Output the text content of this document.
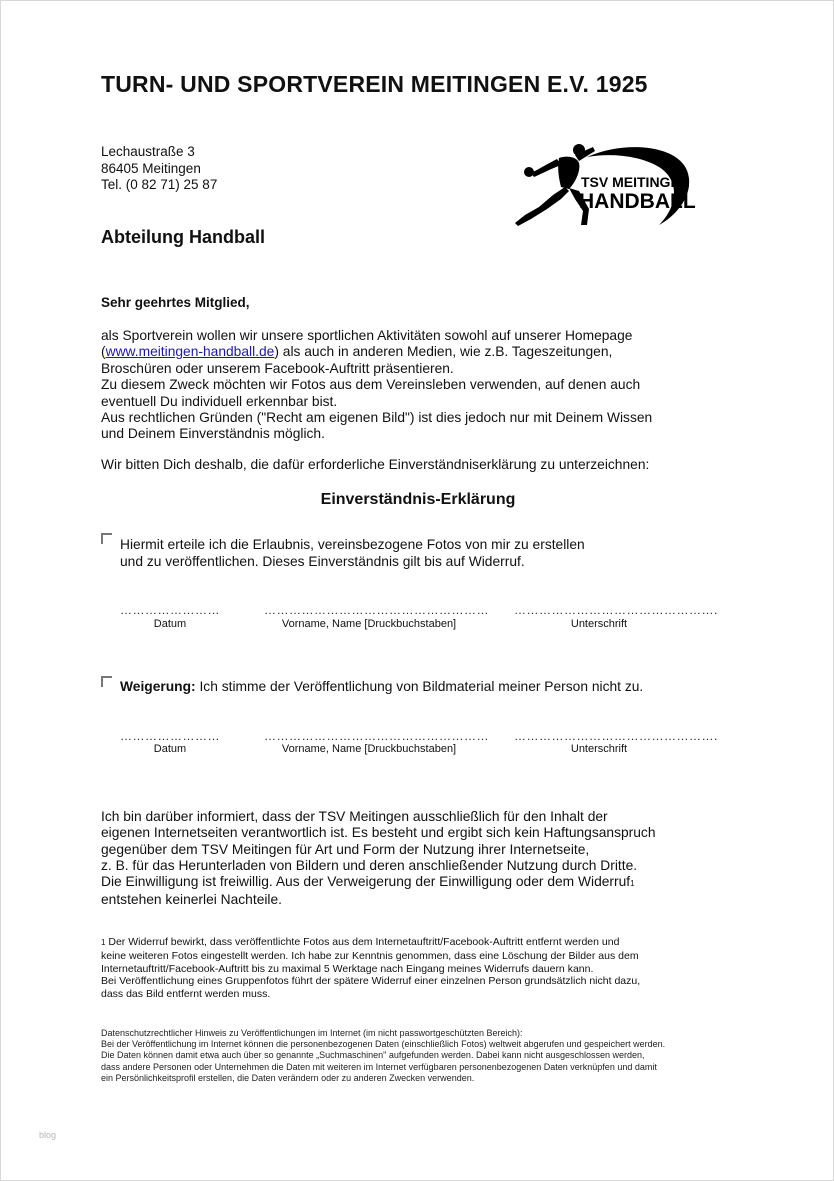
TURN- UND SPORTVEREIN MEITINGEN E.V. 1925
Lechaustraße 3
86405 Meitingen
Tel. (0 82 71) 25 87	TSV MEITINGEN
HANDBALL
Abteilung Handball
Sehr geehrtes Mitglied,
als Sportverein wollen wir unsere sportlichen Aktivitäten sowohl auf unserer Homepage
(www.meitingen-handball.de) als auch in anderen Medien, wie z.B. Tageszeitungen,
Broschüren oder unserem Facebook-Auftritt präsentieren.
Zu diesem Zweck möchten wir Fotos aus dem Vereinsleben verwenden, auf denen auch
eventuell Du individuell erkennbar bist.
Aus rechtlichen Gründen ("Recht am eigenen Bild") ist dies jedoch nur mit Deinem Wissen
und Deinem Einverständnis möglich.
Wir bitten Dich deshalb, die dafür erforderliche Einverständniserklärung zu unterzeichnen:
Einverständnis-Erklärung
Hiermit erteile ich die Erlaubnis, vereinsbezogene Fotos von mir zu erstellen
und zu veröffentlichen. Dieses Einverständnis gilt bis auf Widerruf.
……………………	……………………………………………… ………………………………………….
Datum	Vorname, Name [Druckbuchstaben]	Unterschrift
Weigerung: Ich stimme der Veröffentlichung von Bildmaterial meiner Person nicht zu.
……………………	……………………………………………… ………………………………………….
Datum	Vorname, Name [Druckbuchstaben]	Unterschrift
Ich bin darüber informiert, dass der TSV Meitingen ausschließlich für den Inhalt der
eigenen Internetseiten verantwortlich ist. Es besteht und ergibt sich kein Haftungsanspruch
gegenüber dem TSV Meitingen für Art und Form der Nutzung ihrer Internetseite,
z. B. für das Herunterladen von Bildern und deren anschließender Nutzung durch Dritte.
Die Einwilligung ist freiwillig. Aus der Verweigerung der Einwilligung oder dem Widerruf1
entstehen keinerlei Nachteile.
1 Der Widerruf bewirkt, dass veröffentlichte Fotos aus dem Internetauftritt/Facebook-Auftritt entfernt werden und
keine weiteren Fotos eingestellt werden. Ich habe zur Kenntnis genommen, dass eine Löschung der Bilder aus dem
Internetauftritt/Facebook-Auftritt bis zu maximal 5 Werktage nach Eingang meines Widerrufs dauern kann.
Bei Veröffentlichung eines Gruppenfotos führt der spätere Widerruf einer einzelnen Person grundsätzlich nicht dazu,
dass das Bild entfernt werden muss.
Datenschutzrechtlicher Hinweis zu Veröffentlichungen im Internet (im nicht passwortgeschützten Bereich):
Bei der Veröffentlichung im Internet können die personenbezogenen Daten (einschließlich Fotos) weltweit abgerufen und gespeichert werden.
Die Daten können damit etwa auch über so genannte „Suchmaschinen" aufgefunden werden. Dabei kann nicht ausgeschlossen werden,
dass andere Personen oder Unternehmen die Daten mit weiteren im Internet verfügbaren personenbezogenen Daten verknüpfen und damit
ein Persönlichkeitsprofil erstellen, die Daten verändern oder zu anderen Zwecken verwenden.
blog
